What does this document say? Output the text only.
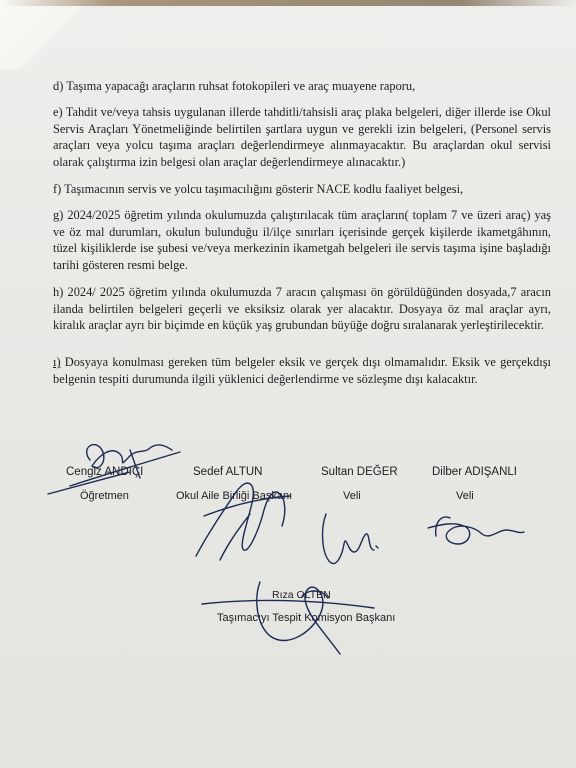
d) Taşıma yapacağı araçların ruhsat fotokopileri ve araç muayene raporu,

e) Tahdit ve/veya tahsis uygulanan illerde tahditli/tahsisli araç plaka belgeleri, diğer illerde ise Okul Servis Araçları Yönetmeliğinde belirtilen şartlara uygun ve gerekli izin belgeleri, (Personel servis araçları veya yolcu taşıma araçları değerlendirmeye alınmayacaktır. Bu araçlardan okul servisi olarak çalıştırma izin belgesi olan araçlar değerlendirmeye alınacaktır.)

f) Taşımacının servis ve yolcu taşımacılığını gösterir NACE kodlu faaliyet belgesi,

g) 2024/2025 öğretim yılında okulumuzda çalıştırılacak tüm araçların( toplam 7 ve üzeri araç) yaş ve öz mal durumları, okulun bulunduğu il/ilçe sınırları içerisinde gerçek kişilerde ikametgâhının, tüzel kişiliklerde ise şubesi ve/veya merkezinin ikametgah belgeleri ile servis taşıma işine başladığı tarihi gösteren resmi belge.

h) 2024/ 2025 öğretim yılında okulumuzda 7 aracın çalışması ön görüldüğünden dosyada,7 aracın ilanda belirtilen belgeleri geçerli ve eksiksiz olarak yer alacaktır. Dosyaya öz mal araçlar ayrı, kiralık araçlar ayrı bir biçimde en küçük yaş grubundan büyüğe doğru sıralanarak yerleştirilecektir.

ı) Dosyaya konulması gereken tüm belgeler eksik ve gerçek dışı olmamalıdır. Eksik ve gerçekdışı belgenin tespiti durumunda ilgili yüklenici değerlendirme ve sözleşme dışı kalacaktır.

Cengiz ANDIÇI
Öğretmen
Sedef ALTUN
Okul Aile Birliği Başkanı
Sultan DEĞER
Veli
Dilber ADIŞANLI
Veli
Rıza OLTEN
Taşımacıyı Tespit Komisyon Başkanı
